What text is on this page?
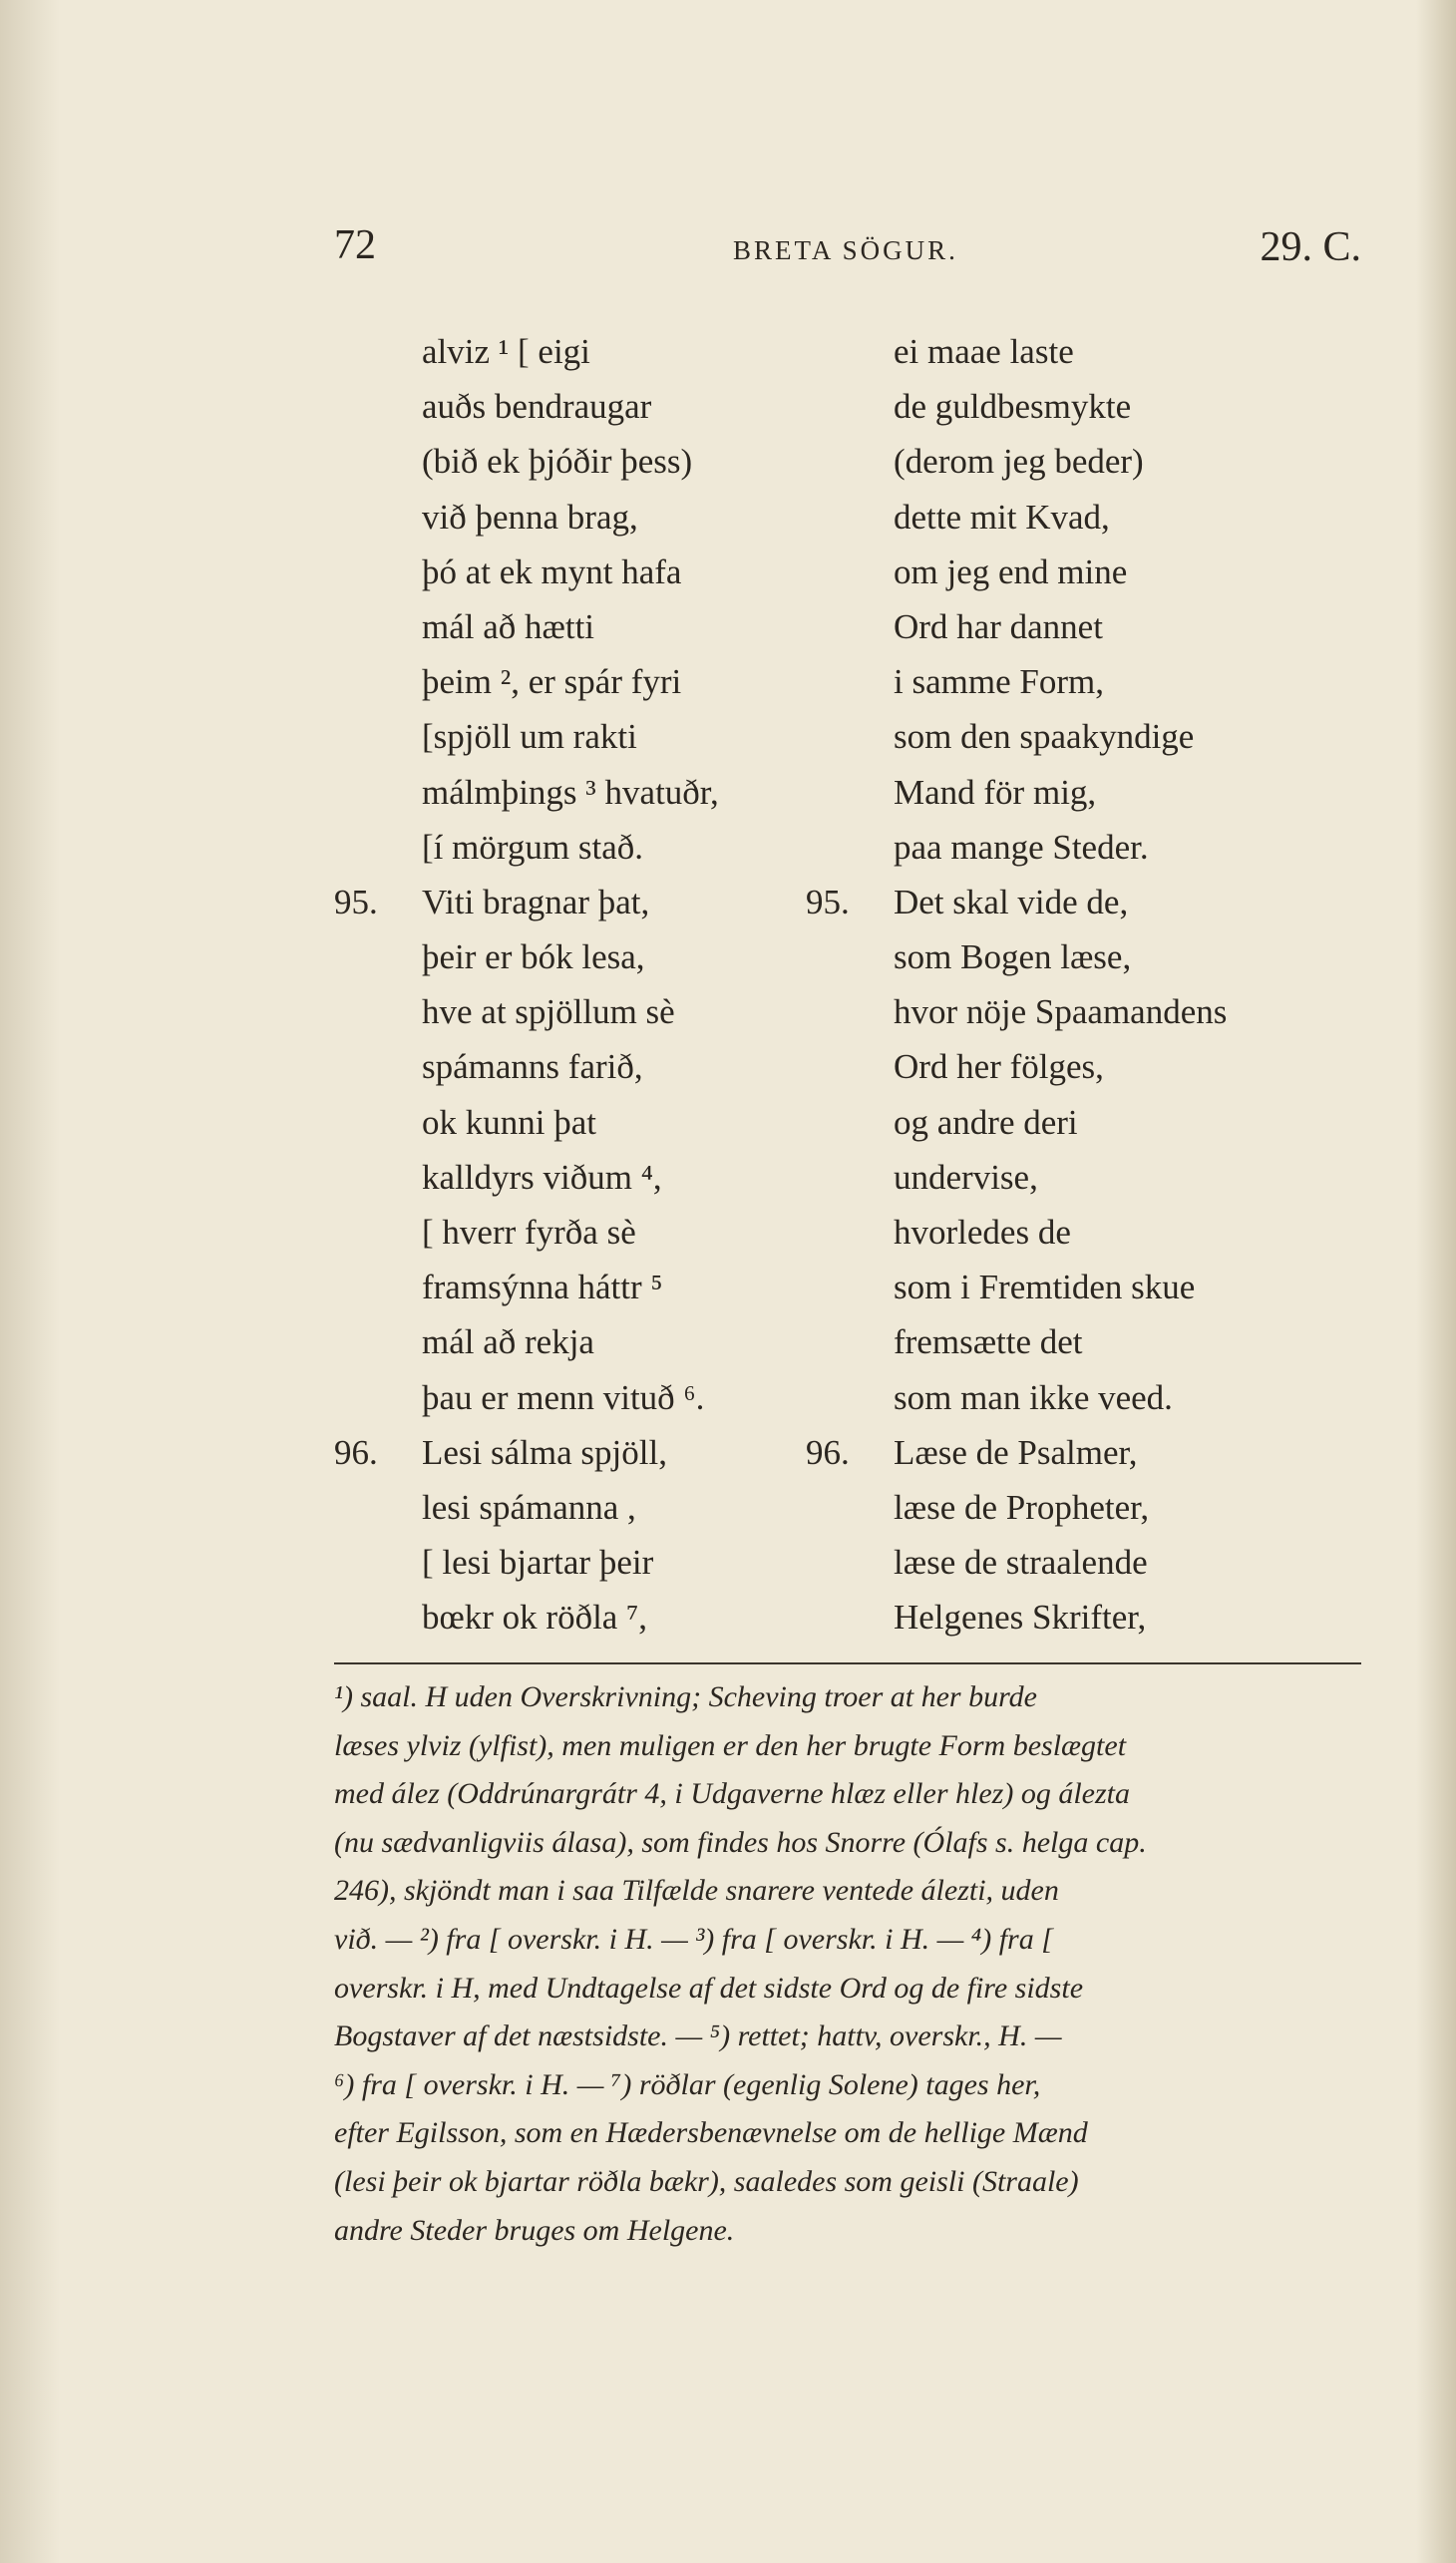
72	BRETA SÖGUR.	29. C.
alviz ¹ [ eigi
auðs bendraugar
(bið ek þjóðir þess)
við þenna brag,
þó at ek mynt hafa
mál að hætti
þeim ², er spár fyri
[spjöll um rakti
málmþings ³ hvatuðr,
[í mörgum stað.
95. Viti bragnar þat,
þeir er bók lesa,
hve at spjöllum sè
spámanns farið,
ok kunni þat
kalldyrs viðum ⁴,
[ hverr fyrða sè
framsýnna háttr ⁵
mál að rekja
þau er menn vituð ⁶.
96. Lesi sálma spjöll,
lesi spámanna ,
[ lesi bjartar þeir
bœkr ok röðla ⁷,
ei maae laste
de guldbesmykte
(derom jeg beder)
dette mit Kvad,
om jeg end mine
Ord har dannet
i samme Form,
som den spaakyndige
Mand för mig,
paa mange Steder.
95. Det skal vide de,
som Bogen læse,
hvor nöje Spaamandens
Ord her fölges,
og andre deri
undervise,
hvorledes de
som i Fremtiden skue
fremsætte det
som man ikke veed.
96. Læse de Psalmer,
læse de Propheter,
læse de straalende
Helgenes Skrifter,
¹) saal. H uden Overskrivning; Scheving troer at her burde
læses ylviz (ylfist), men muligen er den her brugte Form beslægtet
med ález (Oddrúnargrátr 4, i Udgaverne hlæz eller hlez) og álezta
(nu sædvanligviis álasa), som findes hos Snorre (Ólafs s. helga cap.
246), skjöndt man i saa Tilfælde snarere ventede álezti, uden
við. — ²) fra [ overskr. i H. — ³) fra [ overskr. i H. — ⁴) fra [
overskr. i H, med Undtagelse af det sidste Ord og de fire sidste
Bogstaver af det næstsidste. — ⁵) rettet; hattv, overskr., H. —
⁶) fra [ overskr. i H. — ⁷) röðlar (egenlig Solene) tages her,
efter Egilsson, som en Hædersbenævnelse om de hellige Mænd
(lesi þeir ok bjartar röðla bækr), saaledes som geisli (Straale)
andre Steder bruges om Helgene.
